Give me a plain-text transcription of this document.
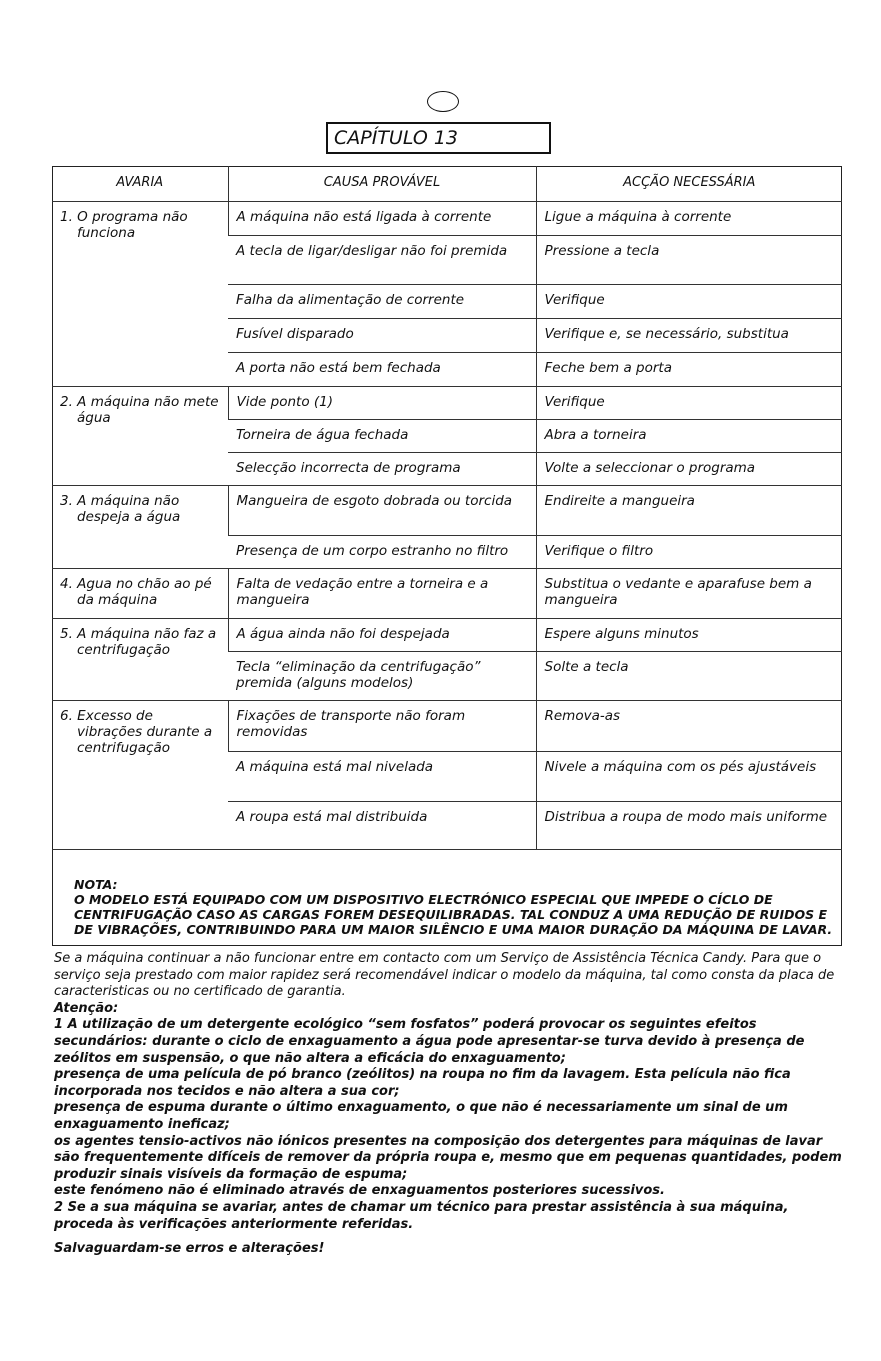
CAPÍTULO 13
AVARIA	CAUSA PROVÁVEL	ACÇÃO NECESSÁRIA

1. O programa não funciona	A máquina não está ligada à corrente	Ligue a máquina à corrente
	A tecla de ligar/desligar não foi premida	Pressione a tecla
	Falha da alimentação de corrente	Verifique
	Fusível disparado	Verifique e, se necessário, substitua
	A porta não está bem fechada	Feche bem a porta

2. A máquina não mete água	Vide ponto (1)	Verifique
	Torneira de água fechada	Abra a torneira
	Selecção incorrecta de programa	Volte a seleccionar o programa

3. A máquina não despeja a água	Mangueira de esgoto dobrada ou torcida	Endireite a mangueira
	Presença de um corpo estranho no filtro	Verifique o filtro

4. Agua no chão ao pé da máquina	Falta de vedação entre a torneira e a mangueira	Substitua o vedante e aparafuse bem a mangueira

5. A máquina não faz a centrifugação	A água ainda não foi despejada	Espere alguns minutos
	Tecla “eliminação da centrifugação” premida (alguns modelos)	Solte a tecla

6. Excesso de vibrações durante a centrifugação	Fixações de transporte não foram removidas	Remova-as
	A máquina está mal nivelada	Nivele a máquina com os pés ajustáveis
	A roupa está mal distribuida	Distribua a roupa de modo mais uniforme
NOTA:
O MODELO ESTÁ EQUIPADO COM UM DISPOSITIVO ELECTRÓNICO ESPECIAL QUE IMPEDE O CÍCLO DE CENTRIFUGAÇÃO CASO AS CARGAS FOREM DESEQUILIBRADAS. TAL CONDUZ A UMA REDUÇÃO DE RUIDOS E DE VIBRAÇÕES, CONTRIBUINDO PARA UM MAIOR SILÊNCIO E UMA MAIOR DURAÇÃO DA MÁQUINA DE LAVAR.
Se a máquina continuar a não funcionar entre em contacto com um Serviço de Assistência Técnica Candy. Para que o serviço seja prestado com maior rapidez será recomendável indicar o modelo da máquina, tal como consta da placa de caracteristicas ou no certificado de garantia.
Atenção:
1 A utilização de um detergente ecológico “sem fosfatos” poderá provocar os seguintes efeitos secundários: durante o ciclo de enxaguamento a água pode apresentar-se turva devido à presença de zeólitos em suspensão, o que não altera a eficácia do enxaguamento;
presença de uma película de pó branco (zeólitos) na roupa no fim da lavagem. Esta película não fica incorporada nos tecidos e não altera a sua cor;
presença de espuma durante o último enxaguamento, o que não é necessariamente um sinal de um enxaguamento ineficaz;
os agentes tensio-activos não iónicos presentes na composição dos detergentes para máquinas de lavar são frequentemente difíceis de remover da própria roupa e, mesmo que em pequenas quantidades, podem produzir sinais visíveis da formação de espuma;
este fenómeno não é eliminado através de enxaguamentos posteriores sucessivos.
2 Se a sua máquina se avariar, antes de chamar um técnico para prestar assistência à sua máquina, proceda às verificações anteriormente referidas.
Salvaguardam-se erros e alterações!
